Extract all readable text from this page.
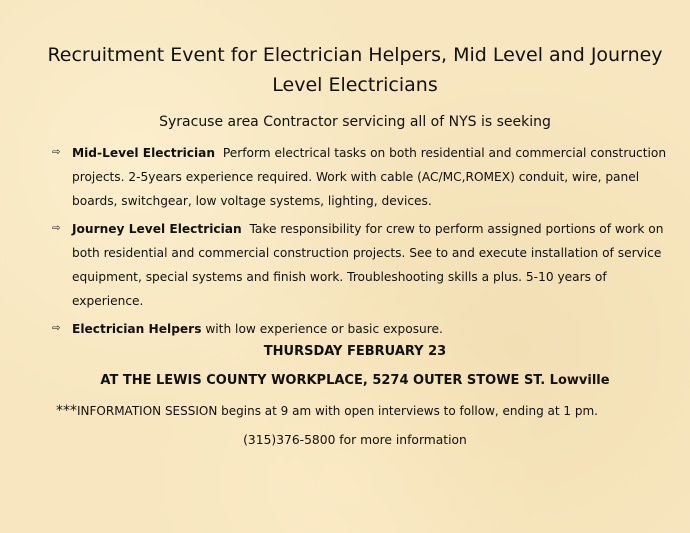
Recruitment Event for Electrician Helpers, Mid Level and Journey
Level Electricians
Syracuse area Contractor servicing all of NYS is seeking
⇨ Mid-Level Electrician Perform electrical tasks on both residential and commercial construction projects. 2-5years experience required. Work with cable (AC/MC,ROMEX) conduit, wire, panel boards, switchgear, low voltage systems, lighting, devices.
⇨ Journey Level Electrician Take responsibility for crew to perform assigned portions of work on both residential and commercial construction projects. See to and execute installation of service equipment, special systems and finish work. Troubleshooting skills a plus. 5-10 years of experience.
⇨ Electrician Helpers with low experience or basic exposure.
THURSDAY FEBRUARY 23
AT THE LEWIS COUNTY WORKPLACE, 5274 OUTER STOWE ST. Lowville
***INFORMATION SESSION begins at 9 am with open interviews to follow, ending at 1 pm.
(315)376-5800 for more information
